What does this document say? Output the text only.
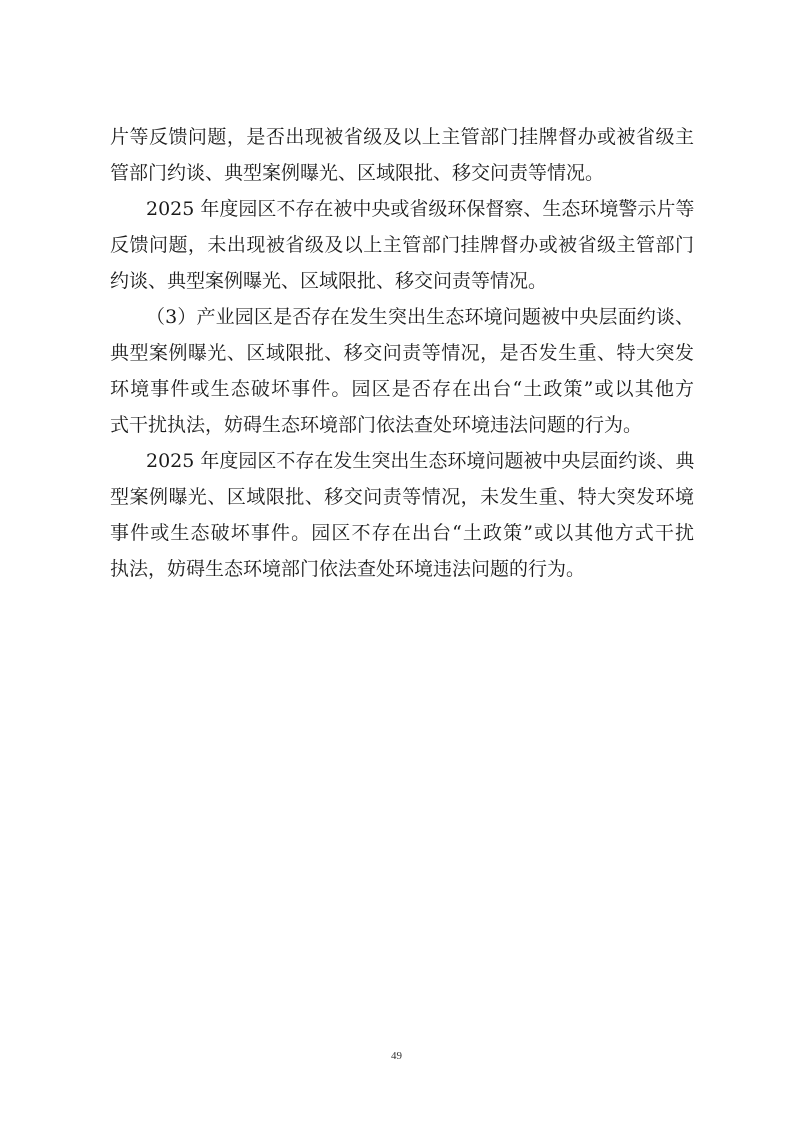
片等反馈问题，是否出现被省级及以上主管部门挂牌督办或被省级主
管部门约谈、典型案例曝光、区域限批、移交问责等情况。
2025 年度园区不存在被中央或省级环保督察、生态环境警示片等
反馈问题，未出现被省级及以上主管部门挂牌督办或被省级主管部门
约谈、典型案例曝光、区域限批、移交问责等情况。
（3）产业园区是否存在发生突出生态环境问题被中央层面约谈、
典型案例曝光、区域限批、移交问责等情况，是否发生重、特大突发
环境事件或生态破坏事件。园区是否存在出台“土政策”或以其他方
式干扰执法，妨碍生态环境部门依法查处环境违法问题的行为。
2025 年度园区不存在发生突出生态环境问题被中央层面约谈、典
型案例曝光、区域限批、移交问责等情况，未发生重、特大突发环境
事件或生态破坏事件。园区不存在出台“土政策”或以其他方式干扰
执法，妨碍生态环境部门依法查处环境违法问题的行为。
49
